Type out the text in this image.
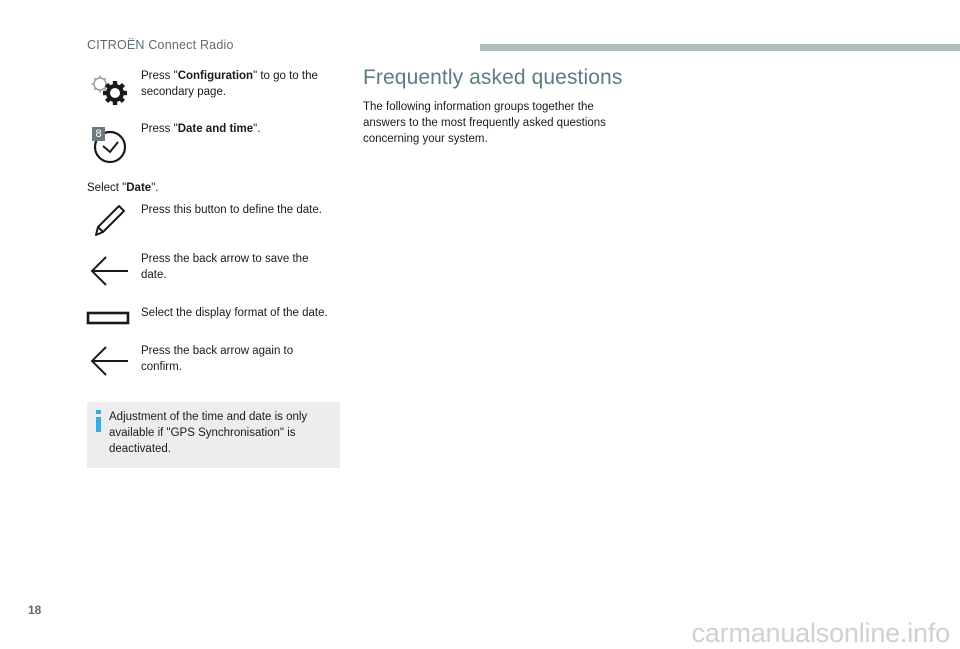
CITROËN Connect Radio
Press "Configuration" to go to the secondary page.
8	Press "Date and time".
Select "Date".
Press this button to define the date.
Press the back arrow to save the date.
Select the display format of the date.
Press the back arrow again to confirm.
Adjustment of the time and date is only available if "GPS Synchronisation" is deactivated.
Frequently asked questions
The following information groups together the answers to the most frequently asked questions concerning your system.
18
carmanualsonline.info
